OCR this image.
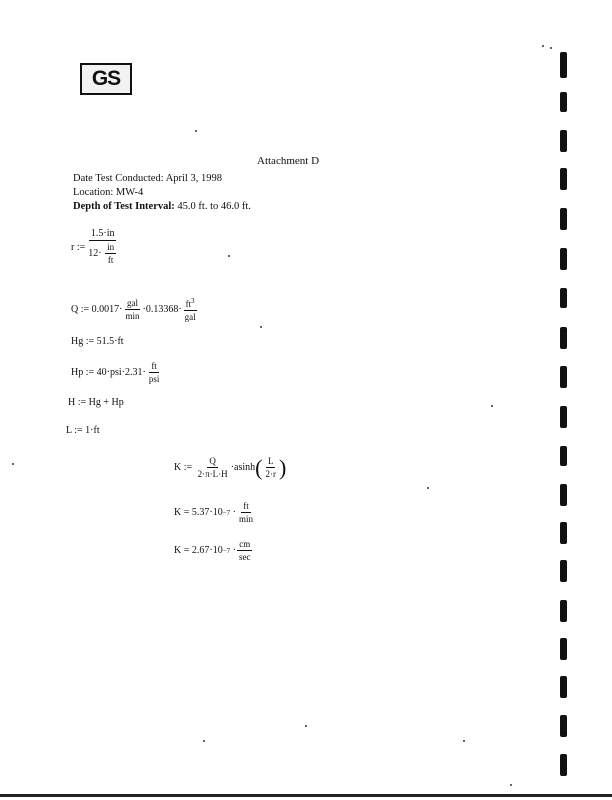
GS
Attachment D
Date Test Conducted: April 3, 1998
Location: MW-4
Depth of Test Interval: 45.0 ft. to 46.0 ft.
r := $\frac{1.5\cdot in}{12\cdot \frac{in}{ft}}$
Q := $0.0017\cdot \frac{\text{gal}}{\min} \cdot 0.13368\cdot \frac{ft^3}{\text{gal}}$
Hg := 51.5·ft
Hp := $40\cdot psi\cdot 2.31\cdot \frac{ft}{\text{psi}}$
H := Hg + Hp
L := 1·ft
K :=
$\frac{Q}{2\cdot\pi\cdot L\cdot H} \cdot asinh$ ( $\frac{L}{2\cdot r}$ )
$K = 5.37\cdot 10 -7 \cdot \frac{ft}{\min}$
$K = 2.67\cdot 10 -7 \cdot \frac{cm}{\sec}$
